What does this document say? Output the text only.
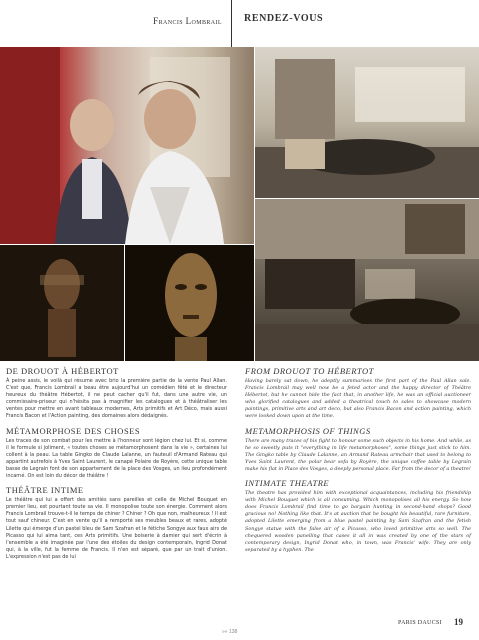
Francis Lombrail RENDEZ-VOUS
DE DROUOT À HÉBERTOT

À peine assis, le voilà qui résume avec brio la première partie de la vente Paul Allan. C'est que, Francis Lombrail a beau être aujourd'hui un comédien fêté et le directeur heureux du théâtre Hébertot, il ne peut cacher qu'il fut, dans une autre vie, un commissaire-priseur qui n'hésita pas à magnifier les catalogues et à théâtraliser les ventes pour mettre en avant tableaux modernes, Arts primitifs et Art Déco, mais aussi Francis Bacon et l'Action painting, des domaines alors dédaignés.

MÉTAMORPHOSE DES CHOSES

Les traces de son combat pour les mettre à l'honneur sont légion chez lui. Et si, comme il le formule si joliment, « toutes choses se métamorphosent dans la vie », certaines lui collent à la peau. La table Gingko de Claude Lalanne, un fauteuil d'Armand Rateau qui appartint autrefois à Yves Saint Laurent, le canapé Polaire de Royère, cette unique table basse de Legrain font de son appartement de la place des Vosges, un lieu profondément incarné. On est loin du décor de théâtre !

THÉÂTRE INTIME

Le théâtre qui lui a offert des amitiés sans pareilles et celle de Michel Bouquet en premier lieu, est pourtant toute sa vie. Il monopolise toute son énergie. Comment alors Francis Lombrail trouve-t-il le temps de chiner ? Chiner ? Oh que non, malheureux ! Il est tout sauf chineur. C'est en vente qu'il a remporté ses meubles beaux et rares, adopté Lilette qui émerge d'un pastel bleu de Sam Szafran et le fétiche Songye aux faux airs de Picasso qui lui aima tant, ces Arts primitifs. Une boiserie à damier qui sert d'écrin à l'ensemble a été imaginée par l'une des étoiles du design contemporain, Ingrid Donat qui, à la ville, fut la femme de Francis. Il n'en est séparé, que par un trait d'union. L'expression n'est pas de lui

FROM DROUOT TO HÉBERTOT

Having barely sat down, he adeptly summarises the first part of the Paul Allan sale. Francis Lombrail may well now be a feted actor and the happy director of Théâtre Hébertot, but he cannot hide the fact that, in another life, he was an official auctioneer who glorified catalogues and added a theatrical touch to sales to showcase modern paintings, primitive arts and art deco, but also Francis Bacon and action painting, which were looked down upon at the time.

METAMORPHOSIS OF THINGS

There are many traces of his fight to honour some such objects in his home. And while, as he so sweetly puts it "everything in life metamorphoses", some things just stick to him. The Gingko table by Claude Lalanne, an Armand Rateau armchair that used to belong to Yves Saint Laurent, the polar bear sofa by Royère, the unique coffee table by Legrain make his flat in Place des Vosges, a deeply personal place. Far from the decor of a theatre!

INTIMATE THEATRE

The theatre has provided him with exceptional acquaintances, including his friendship with Michel Bouquet which is all consuming. Which monopolises all his energy. So how does Francis Lombrail find time to go bargain hunting in second-hand shops? Good gracious no! Nothing like that. It's at auction that he bought his beautiful, rare furniture, adopted Lilette emerging from a blue pastel painting by Sam Szafran and the fetish Songye statue with the false air of a Picasso, who loved primitive arts so well. The chequered wooden panelling that cases it all in was created by one of the stars of contemporary design, Ingrid Donat who, in town, was Francis' wife. They are only separated by a hyphen. The

»» 138
PARIS DAUCSI 19
